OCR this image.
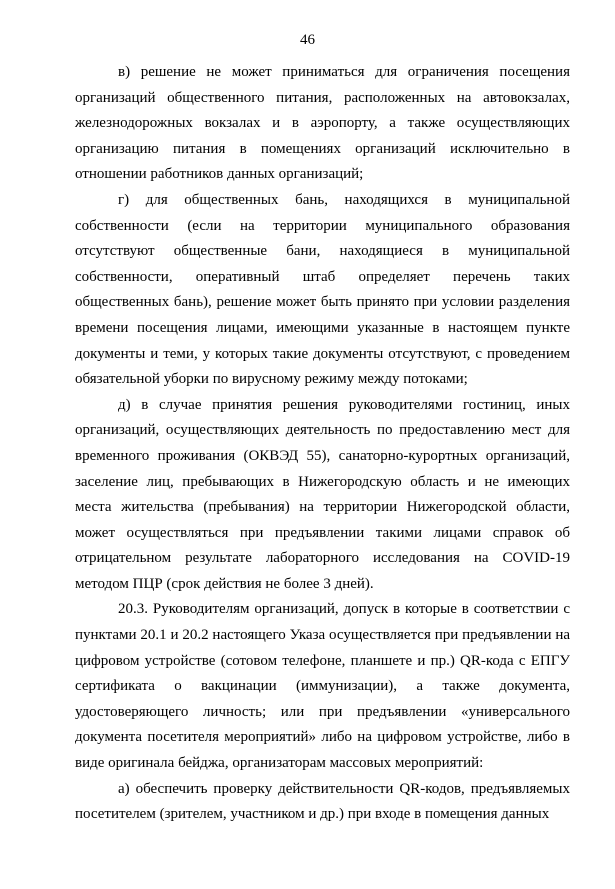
46

в) решение не может приниматься для ограничения посещения организаций общественного питания, расположенных на автовокзалах, железнодорожных вокзалах и в аэропорту, а также осуществляющих организацию питания в помещениях организаций исключительно в отношении работников данных организаций;

г) для общественных бань, находящихся в муниципальной собственности (если на территории муниципального образования отсутствуют общественные бани, находящиеся в муниципальной собственности, оперативный штаб определяет перечень таких общественных бань), решение может быть принято при условии разделения времени посещения лицами, имеющими указанные в настоящем пункте документы и теми, у которых такие документы отсутствуют, с проведением обязательной уборки по вирусному режиму между потоками;

д) в случае принятия решения руководителями гостиниц, иных организаций, осуществляющих деятельность по предоставлению мест для временного проживания (ОКВЭД 55), санаторно-курортных организаций, заселение лиц, пребывающих в Нижегородскую область и не имеющих места жительства (пребывания) на территории Нижегородской области, может осуществляться при предъявлении такими лицами справок об отрицательном результате лабораторного исследования на COVID-19 методом ПЦР (срок действия не более 3 дней).

20.3. Руководителям организаций, допуск в которые в соответствии с пунктами 20.1 и 20.2 настоящего Указа осуществляется при предъявлении на цифровом устройстве (сотовом телефоне, планшете и пр.) QR-кода с ЕПГУ сертификата о вакцинации (иммунизации), а также документа, удостоверяющего личность; или при предъявлении «универсального документа посетителя мероприятий» либо на цифровом устройстве, либо в виде оригинала бейджа, организаторам массовых мероприятий:

а) обеспечить проверку действительности QR-кодов, предъявляемых посетителем (зрителем, участником и др.) при входе в помещения данных
